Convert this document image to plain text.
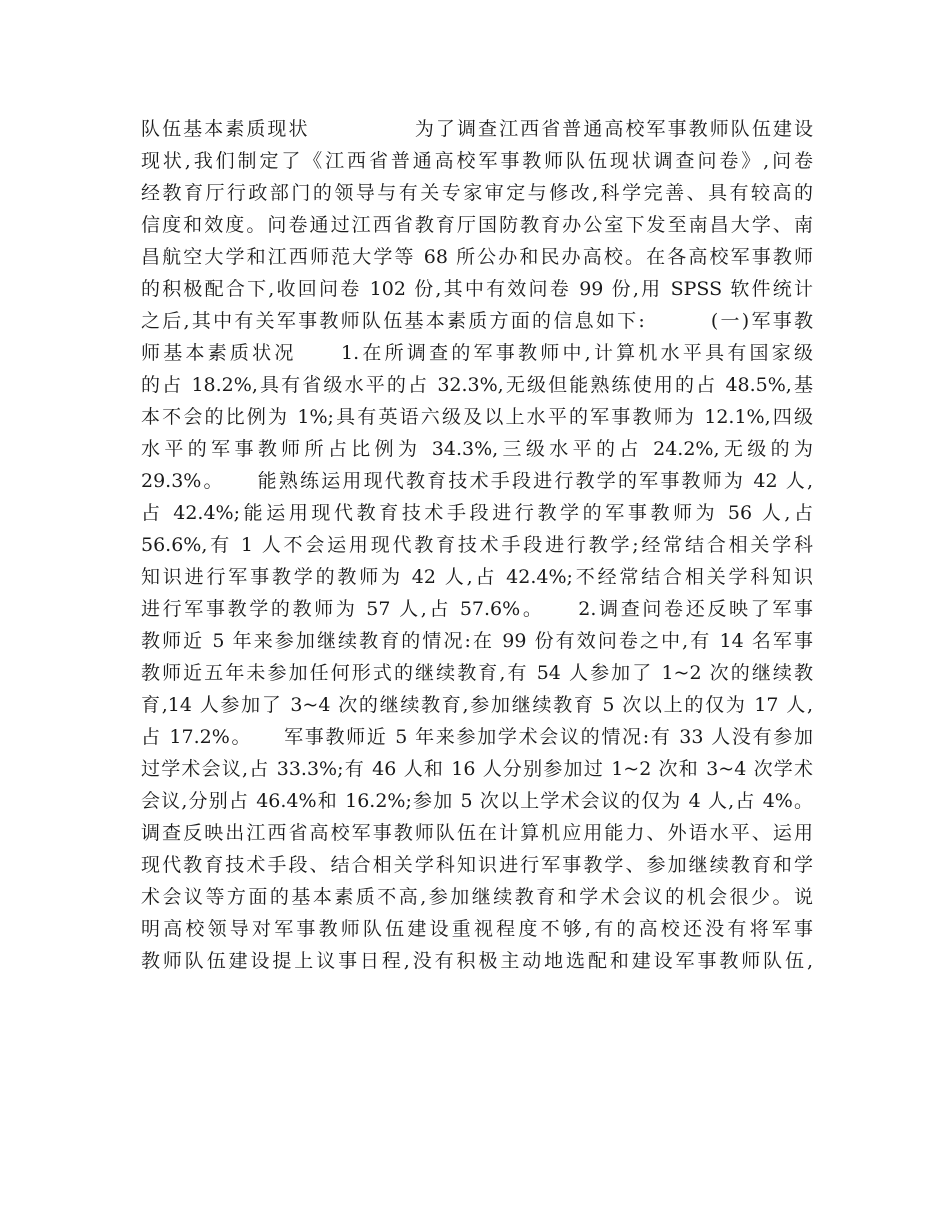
队伍基本素质现状　　　　　为了调查江西省普通高校军事教师队伍建设
现状,我们制定了《江西省普通高校军事教师队伍现状调查问卷》,问卷
经教育厅行政部门的领导与有关专家审定与修改,科学完善、具有较高的
信度和效度。问卷通过江西省教育厅国防教育办公室下发至南昌大学、南
昌航空大学和江西师范大学等 68 所公办和民办高校。在各高校军事教师
的积极配合下,收回问卷 102 份,其中有效问卷 99 份,用 SPSS 软件统计
之后,其中有关军事教师队伍基本素质方面的信息如下:　　　(一)军事教
师基本素质状况　　1.在所调查的军事教师中,计算机水平具有国家级
的占 18.2%,具有省级水平的占 32.3%,无级但能熟练使用的占 48.5%,基
本不会的比例为 1%;具有英语六级及以上水平的军事教师为 12.1%,四级
水平的军事教师所占比例为 34.3%,三级水平的占 24.2%,无级的为
29.3%。　　能熟练运用现代教育技术手段进行教学的军事教师为 42 人,
占 42.4%;能运用现代教育技术手段进行教学的军事教师为 56 人,占
56.6%,有 1 人不会运用现代教育技术手段进行教学;经常结合相关学科
知识进行军事教学的教师为 42 人,占 42.4%;不经常结合相关学科知识
进行军事教学的教师为 57 人,占 57.6%。　　2.调查问卷还反映了军事
教师近 5 年来参加继续教育的情况:在 99 份有效问卷之中,有 14 名军事
教师近五年未参加任何形式的继续教育,有 54 人参加了 1~2 次的继续教
育,14 人参加了 3~4 次的继续教育,参加继续教育 5 次以上的仅为 17 人,
占 17.2%。　　军事教师近 5 年来参加学术会议的情况:有 33 人没有参加
过学术会议,占 33.3%;有 46 人和 16 人分别参加过 1~2 次和 3~4 次学术
会议,分别占 46.4%和 16.2%;参加 5 次以上学术会议的仅为 4 人,占 4%。
调查反映出江西省高校军事教师队伍在计算机应用能力、外语水平、运用
现代教育技术手段、结合相关学科知识进行军事教学、参加继续教育和学
术会议等方面的基本素质不高,参加继续教育和学术会议的机会很少。说
明高校领导对军事教师队伍建设重视程度不够,有的高校还没有将军事
教师队伍建设提上议事日程,没有积极主动地选配和建设军事教师队伍,
